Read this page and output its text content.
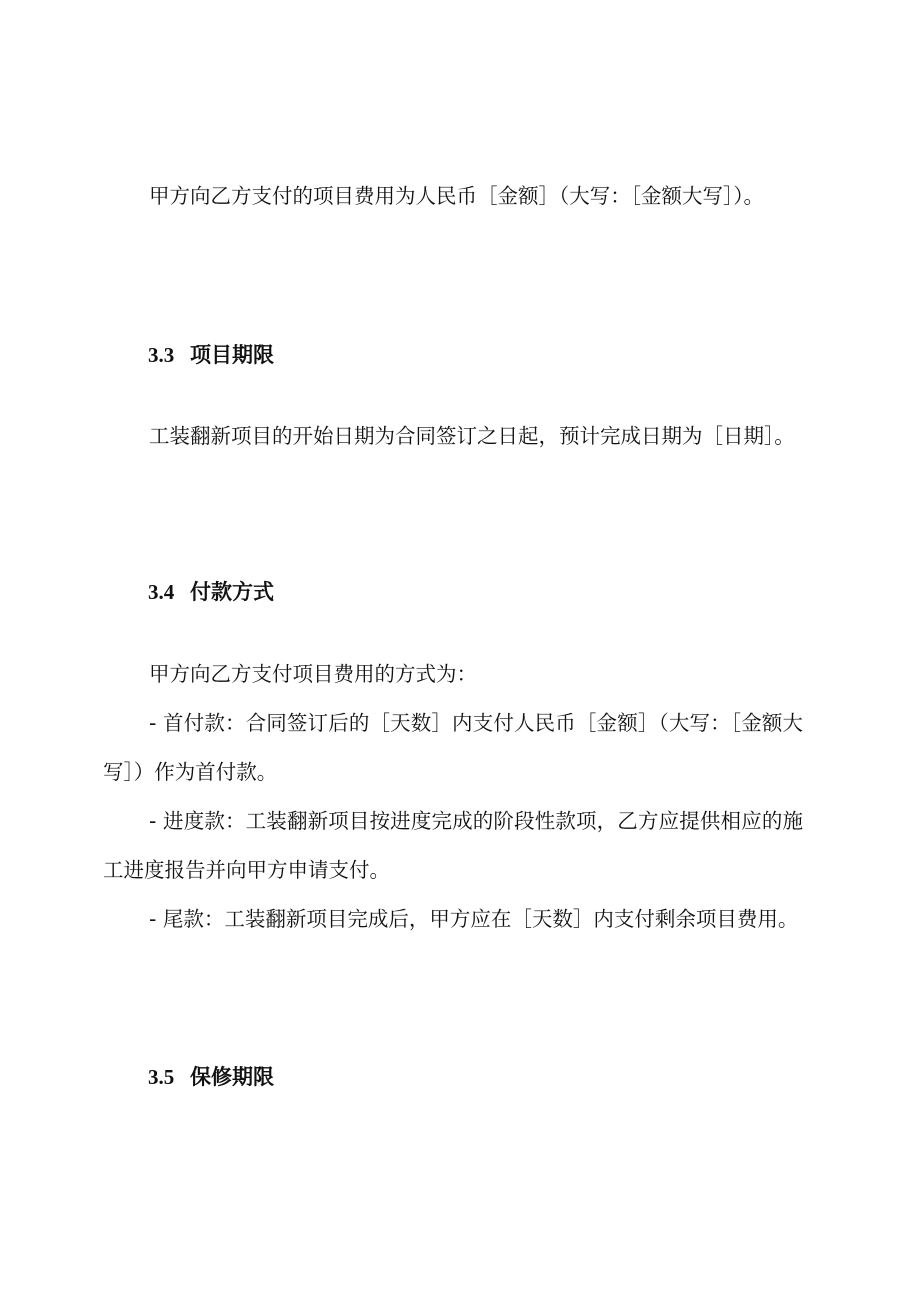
甲方向乙方支付的项目费用为人民币［金额］（大写：［金额大写］）。

3.3 项目期限

工装翻新项目的开始日期为合同签订之日起，预计完成日期为［日期］。

3.4 付款方式

甲方向乙方支付项目费用的方式为：

- 首付款：合同签订后的［天数］内支付人民币［金额］（大写：［金额大写］）作为首付款。

- 进度款：工装翻新项目按进度完成的阶段性款项，乙方应提供相应的施工进度报告并向甲方申请支付。

- 尾款：工装翻新项目完成后，甲方应在［天数］内支付剩余项目费用。

3.5 保修期限
